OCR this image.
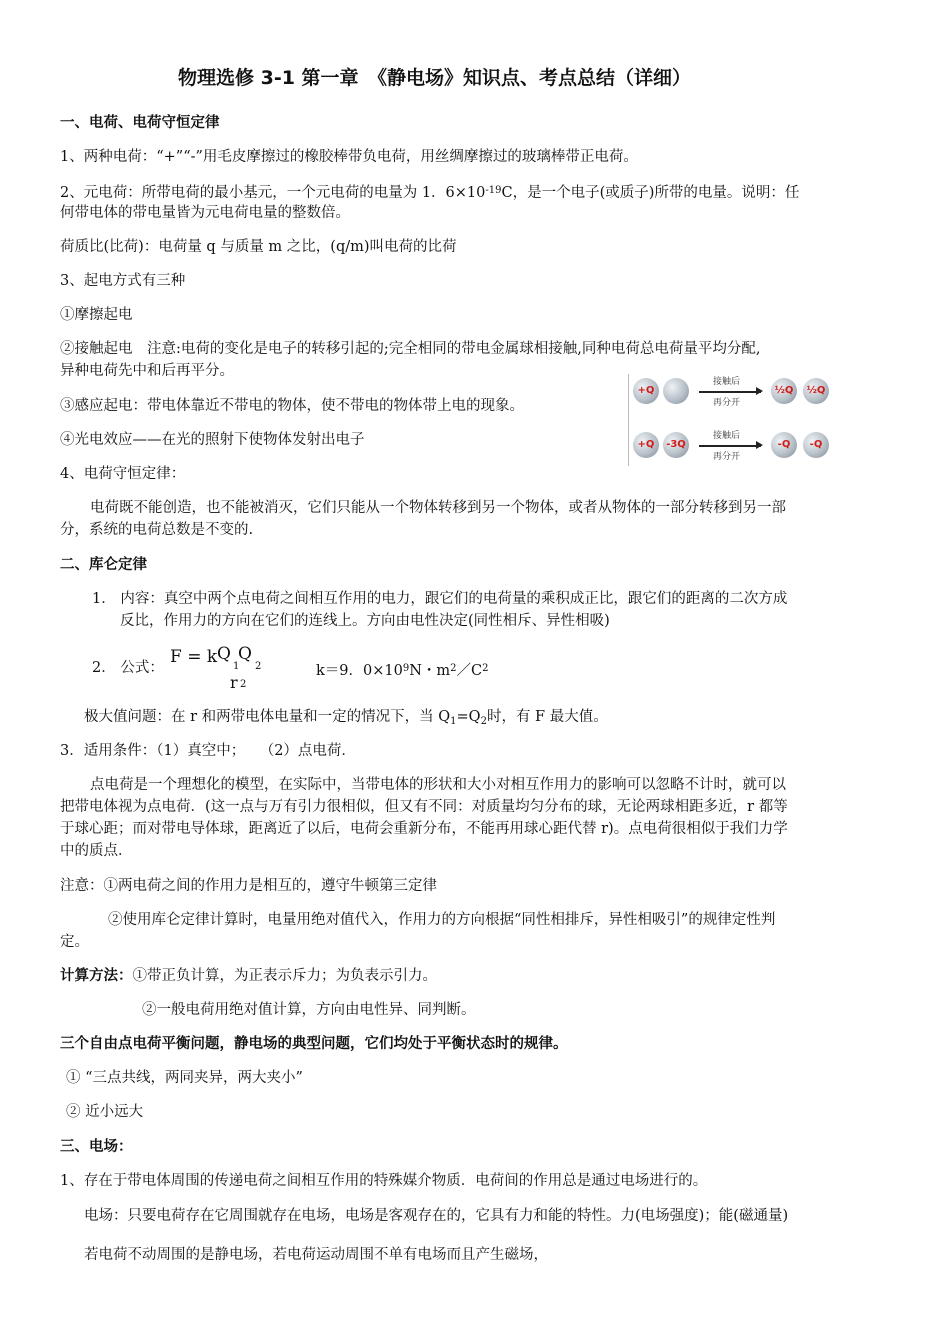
物理选修 3-1 第一章　《静电场》知识点、考点总结（详细）
一、电荷、电荷守恒定律
1、两种电荷：“+”“-”用毛皮摩擦过的橡胶棒带负电荷，用丝绸摩擦过的玻璃棒带正电荷。
2、元电荷：所带电荷的最小基元，一个元电荷的电量为 1．$6\times 10^{-19}C$，是一个电子(或质子)所带的电量。说明：任
何带电体的带电量皆为元电荷电量的整数倍。
荷质比(比荷)：电荷量 q 与质量 m 之比，(q/m)叫电荷的比荷
3、起电方式有三种
①摩擦起电
②接触起电　注意:电荷的变化是电子的转移引起的;完全相同的带电金属球相接触,同种电荷总电荷量平均分配,
异种电荷先中和后再平分。
③感应起电：带电体靠近不带电的物体，使不带电的物体带上电的现象。
④光电效应——在光的照射下使物体发射出电子
4、电荷守恒定律：
电荷既不能创造，也不能被消灭，它们只能从一个物体转移到另一个物体，或者从物体的一部分转移到另一部
分，系统的电荷总数是不变的.
+Q
接触后
再分开
½Q	½Q
+Q	-3Q
接触后
再分开
-Q	-Q
二、库仑定律
1． 内容：真空中两个点电荷之间相互作用的电力，跟它们的电荷量的乘积成正比，跟它们的距离的二次方成
反比，作用力的方向在它们的连线上。方向由电性决定(同性相斥、异性相吸)
2． 公式：
F = k Q
1
Q
2
r 2
k＝9．$0\times 10^9N$・$m^2/C^2$
极大值问题：在 r 和两带电体电量和一定的情况下，当 $Q_1=Q_2$时，有 F 最大值。
3．适用条件：（1）真空中；　　（2）点电荷．
点电荷是一个理想化的模型，在实际中，当带电体的形状和大小对相互作用力的影响可以忽略不计时，就可以
把带电体视为点电荷．(这一点与万有引力很相似，但又有不同：对质量均匀分布的球，无论两球相距多近，r 都等
于球心距；而对带电导体球，距离近了以后，电荷会重新分布，不能再用球心距代替 r)。点电荷很相似于我们力学
中的质点．
注意：①两电荷之间的作用力是相互的，遵守牛顿第三定律
②使用库仑定律计算时，电量用绝对值代入，作用力的方向根据“同性相排斥，异性相吸引”的规律定性判
定。
计算方法：①带正负计算，为正表示斥力；为负表示引力。
②一般电荷用绝对值计算，方向由电性异、同判断。
三个自由点电荷平衡问题，静电场的典型问题，它们均处于平衡状态时的规律。
① “三点共线，两同夹异，两大夹小”
② 近小远大
三、电场：
1、存在于带电体周围的传递电荷之间相互作用的特殊媒介物质．电荷间的作用总是通过电场进行的。
电场：只要电荷存在它周围就存在电场，电场是客观存在的，它具有力和能的特性。力(电场强度)；能(磁通量)
若电荷不动周围的是静电场，若电荷运动周围不单有电场而且产生磁场，
